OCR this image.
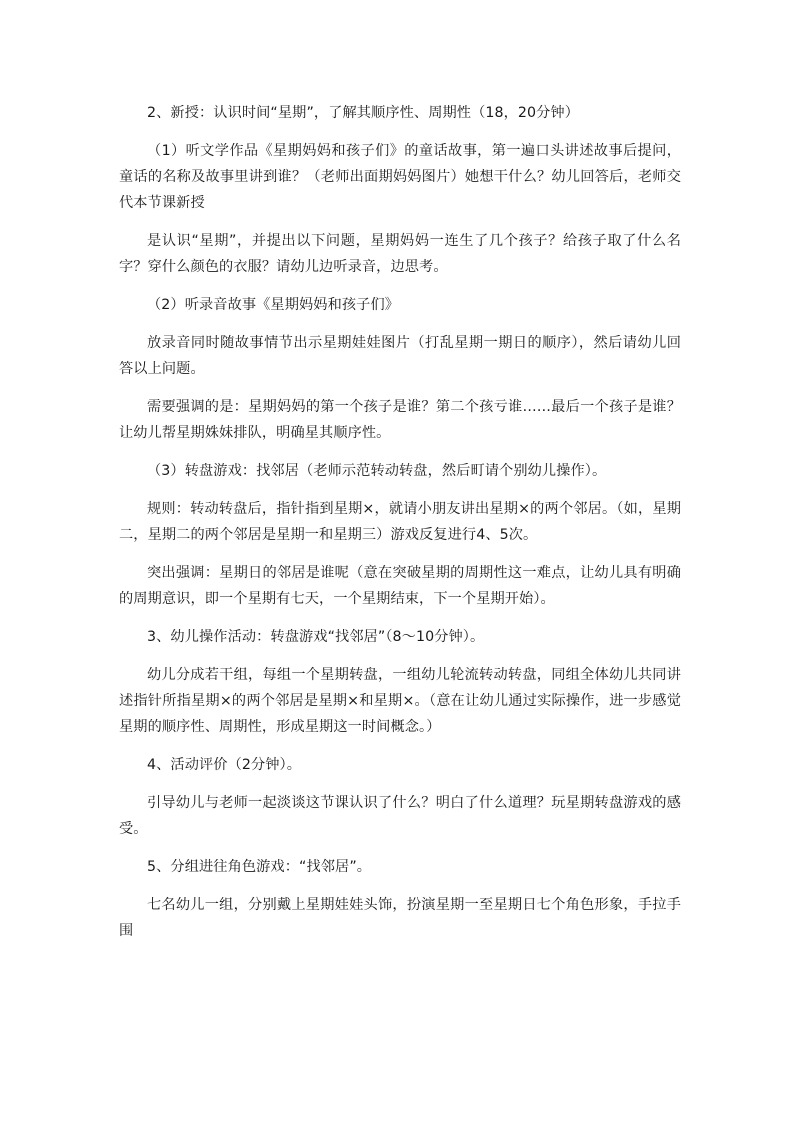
2、新授：认识时间“星期”，了解其顺序性、周期性（18，20分钟）

（1）听文学作品《星期妈妈和孩子们》的童话故事，第一遍口头讲述故事后提问，童话的名称及故事里讲到谁？（老师出面期妈妈图片）她想干什么？幼儿回答后，老师交代本节课新授

是认识“星期”，并提出以下问题，星期妈妈一连生了几个孩子？给孩子取了什么名字？穿什么颜色的衣服？请幼儿边听录音，边思考。

（2）听录音故事《星期妈妈和孩子们》

放录音同时随故事情节出示星期娃娃图片（打乱星期一期日的顺序），然后请幼儿回答以上问题。

需要强调的是：星期妈妈的第一个孩子是谁？第二个孩亏谁……最后一个孩子是谁？让幼儿帮星期姝妹排队，明确星其顺序性。

（3）转盘游戏：找邻居（老师示范转动转盘，然后町请个别幼儿操作）。

规则：转动转盘后，指针指到星期×，就请小朋友讲出星期×的两个邻居。（如，星期二，星期二的两个邻居是星期一和星期三）游戏反复进行4、5次。

突出强调：星期日的邻居是谁呢（意在突破星期的周期性这一难点，让幼儿具有明确的周期意识，即一个星期有七天，一个星期结束，下一个星期开始）。

3、幼儿操作活动：转盘游戏“找邻居”（8～10分钟）。

幼儿分成若干组，每组一个星期转盘，一组幼儿轮流转动转盘，同组全体幼儿共同讲述指针所指星期×的两个邻居是星期×和星期×。（意在让幼儿通过实际操作，进一步感觉星期的顺序性、周期性，形成星期这一时间概念。）

4、活动评价（2分钟）。

引导幼儿与老师一起淡谈这节课认识了什么？明白了什么道理？玩星期转盘游戏的感受。

5、分组进往角色游戏：“找邻居”。

七名幼儿一组，分别戴上星期娃娃头饰，扮演星期一至星期日七个角色形象，手拉手围
